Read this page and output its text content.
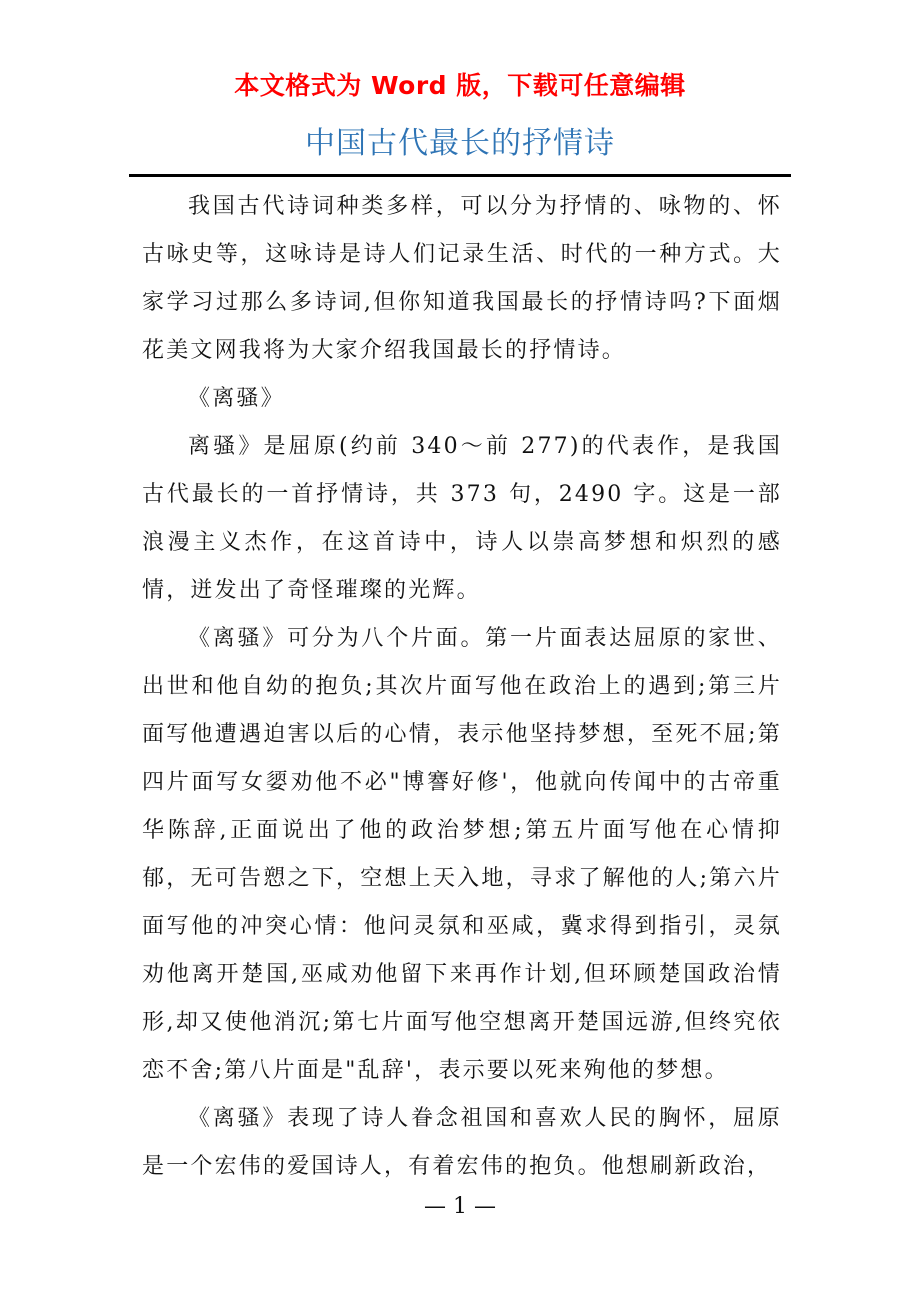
本文格式为 Word 版，下载可任意编辑
中国古代最长的抒情诗

我国古代诗词种类多样，可以分为抒情的、咏物的、怀古咏史等，这咏诗是诗人们记录生活、时代的一种方式。大家学习过那么多诗词,但你知道我国最长的抒情诗吗?下面烟花美文网我将为大家介绍我国最长的抒情诗。

《离骚》

离骚》是屈原(约前 340～前 277)的代表作，是我国古代最长的一首抒情诗，共 373 句，2490 字。这是一部浪漫主义杰作，在这首诗中，诗人以崇高梦想和炽烈的感情，迸发出了奇怪璀璨的光辉。

《离骚》可分为八个片面。第一片面表达屈原的家世、出世和他自幼的抱负;其次片面写他在政治上的遇到;第三片面写他遭遇迫害以后的心情，表示他坚持梦想，至死不屈;第四片面写女媭劝他不必"博謇好修'，他就向传闻中的古帝重华陈辞,正面说出了他的政治梦想;第五片面写他在心情抑郁，无可告愬之下，空想上天入地，寻求了解他的人;第六片面写他的冲突心情：他问灵氛和巫咸，冀求得到指引，灵氛劝他离开楚国,巫咸劝他留下来再作计划,但环顾楚国政治情形,却又使他消沉;第七片面写他空想离开楚国远游,但终究依恋不舍;第八片面是"乱辞'，表示要以死来殉他的梦想。

《离骚》表现了诗人眷念祖国和喜欢人民的胸怀，屈原是一个宏伟的爱国诗人，有着宏伟的抱负。他想刷新政治，

— 1 —
